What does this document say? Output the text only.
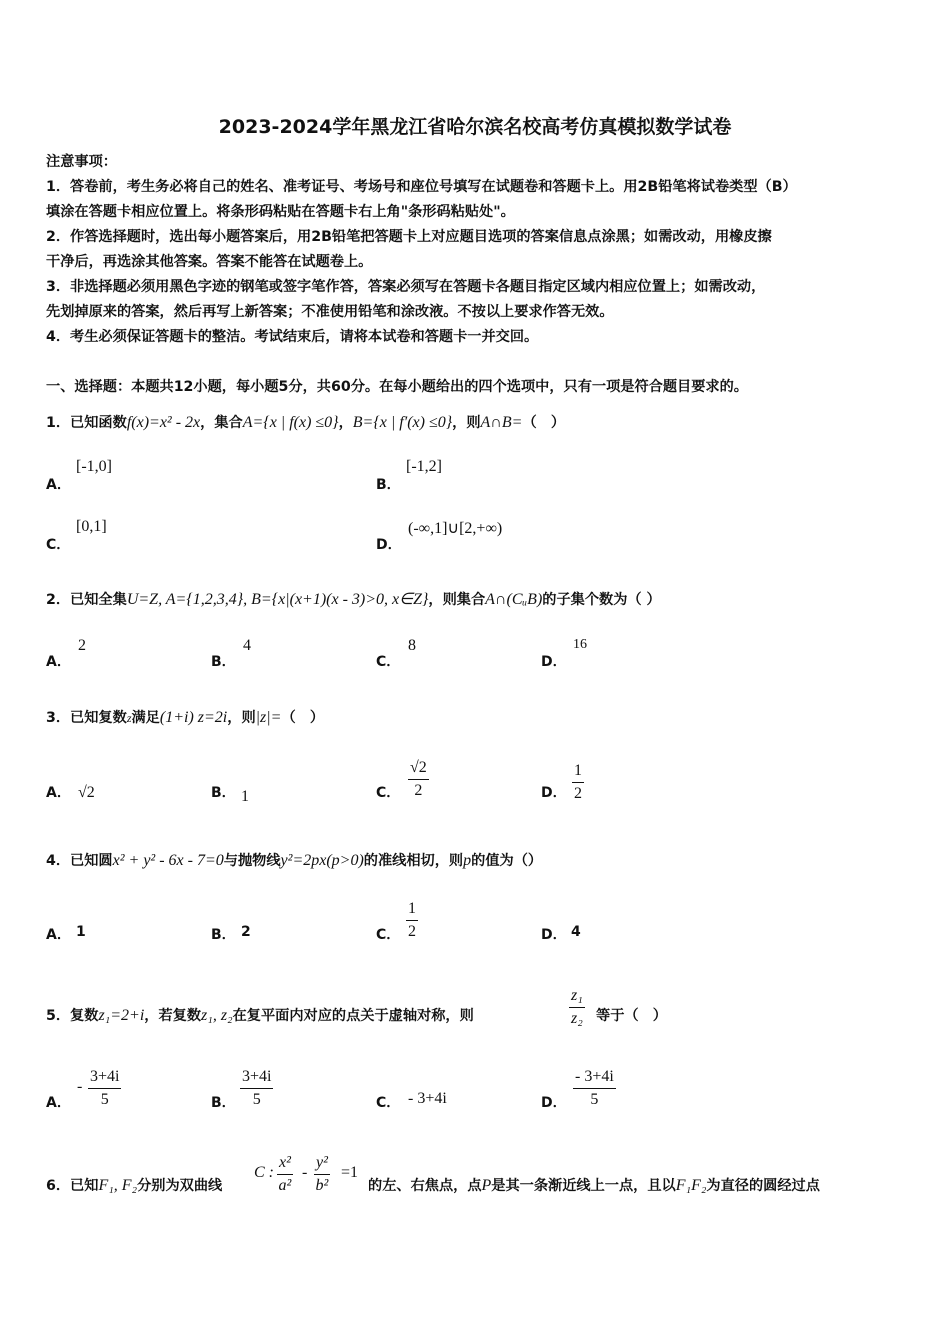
2023-2024学年黑龙江省哈尔滨名校高考仿真模拟数学试卷
注意事项：
1．答卷前，考生务必将自己的姓名、准考证号、考场号和座位号填写在试题卷和答题卡上。用2B铅笔将试卷类型（B）
填涂在答题卡相应位置上。将条形码粘贴在答题卡右上角"条形码粘贴处"。
2．作答选择题时，选出每小题答案后，用2B铅笔把答题卡上对应题目选项的答案信息点涂黑；如需改动，用橡皮擦
干净后，再选涂其他答案。答案不能答在试题卷上。
3．非选择题必须用黑色字迹的钢笔或签字笔作答，答案必须写在答题卡各题目指定区域内相应位置上；如需改动，
先划掉原来的答案，然后再写上新答案；不准使用铅笔和涂改液。不按以上要求作答无效。
4．考生必须保证答题卡的整洁。考试结束后，请将本试卷和答题卡一并交回。
一、选择题：本题共12小题，每小题5分，共60分。在每小题给出的四个选项中，只有一项是符合题目要求的。
1．已知函数f(x)=x² - 2x，集合A={x | f(x) ≤0}，B={x | f′(x) ≤0}，则A∩B=（　）
A．
[-1,0]
B．
[-1,2]
C．
[0,1]
D．
(-∞,1]∪[2,+∞)
2．已知全集U=Z, A={1,2,3,4}, B={x|(x+1)(x - 3)>0, x∈Z}，则集合A∩(CᵤB)的子集个数为（ ）
A．
2
B．
4
C．
8
D．
16
3．已知复数z满足(1+i) z=2i，则|z|=（　）
A． √2	B． 1	C． $\frac{√2}{2}$	D． $\frac{1}{2}$
4．已知圆x² + y² - 6x - 7=0与抛物线y²=2px(p>0)的准线相切，则p的值为（）
A． 1	B． 2	C． $\frac{1}{2}$	D． 4
5．复数z₁=2+i，若复数z₁, z₂在复平面内对应的点关于虚轴对称，则	$\frac{\text{z₁}}{\text{z₂}}$ 等于（　）
A．
- $\frac{3+4i}{5}$	B． $\frac{3+4i}{5}$	C． - 3+4i	D． $\frac{- 3+4i}{5}$
6．已知F₁, F₂分别为双曲线
C : $\frac{\text{x²}}{\text{a²}} - \frac{\text{y²}}{\text{b²}} =1$
的左、右焦点，点P是其一条渐近线上一点，且以F₁F₂为直径的圆经过点
